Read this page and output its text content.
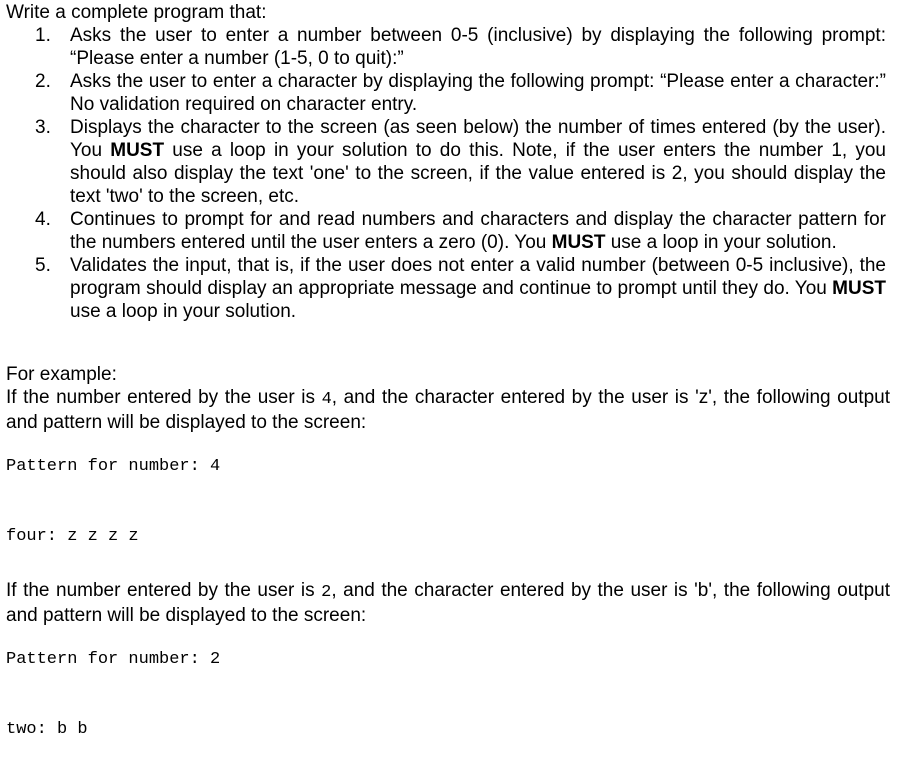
Write a complete program that:

1. Asks the user to enter a number between 0-5 (inclusive) by displaying the following prompt: “Please enter a number (1-5, 0 to quit):”
2. Asks the user to enter a character by displaying the following prompt: “Please enter a character:” No validation required on character entry.
3. Displays the character to the screen (as seen below) the number of times entered (by the user). You MUST use a loop in your solution to do this. Note, if the user enters the number 1, you should also display the text 'one' to the screen, if the value entered is 2, you should display the text 'two' to the screen, etc.
4. Continues to prompt for and read numbers and characters and display the character pattern for the numbers entered until the user enters a zero (0). You MUST use a loop in your solution.
5. Validates the input, that is, if the user does not enter a valid number (between 0-5 inclusive), the program should display an appropriate message and continue to prompt until they do. You MUST use a loop in your solution.

For example:

If the number entered by the user is 4, and the character entered by the user is 'z', the following output and pattern will be displayed to the screen:

Pattern for number: 4

four: z z z z

If the number entered by the user is 2, and the character entered by the user is 'b', the following output and pattern will be displayed to the screen:

Pattern for number: 2

two: b b
